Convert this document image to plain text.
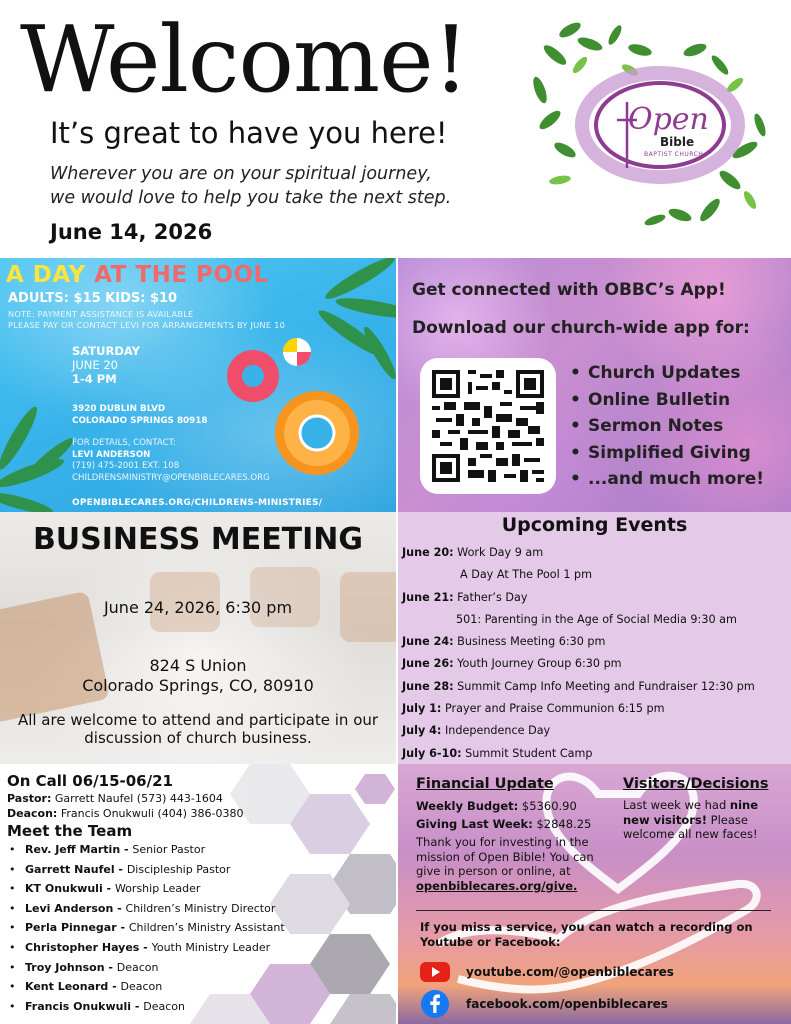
Welcome!
It’s great to have you here!
Wherever you are on your spiritual journey,
we would love to help you take the next step.
June 14, 2026
Open
Bible
BAPTIST CHURCH
A DAY AT THE POOL
ADULTS: $15 KIDS: $10
NOTE: PAYMENT ASSISTANCE IS AVAILABLE
PLEASE PAY OR CONTACT LEVI FOR ARRANGEMENTS BY JUNE 10
SATURDAY
JUNE 20
1-4 PM
3920 DUBLIN BLVD
COLORADO SPRINGS 80918
FOR DETAILS, CONTACT:
LEVI ANDERSON
(719) 475-2001 EXT. 108
CHILDRENSMINISTRY@OPENBIBLECARES.ORG
OPENBIBLECARES.ORG/CHILDRENS-MINISTRIES/
Get connected with OBBC’s App!
Download our church-wide app for:
• Church Updates
• Online Bulletin
• Sermon Notes
• Simplified Giving
• ...and much more!
BUSINESS MEETING
June 24, 2026, 6:30 pm
824 S Union
Colorado Springs, CO, 80910
All are welcome to attend and participate in our discussion of church business.
Upcoming Events
June 20: Work Day 9 am
A Day At The Pool 1 pm
June 21: Father’s Day
501: Parenting in the Age of Social Media 9:30 am
June 24: Business Meeting 6:30 pm
June 26: Youth Journey Group 6:30 pm
June 28: Summit Camp Info Meeting and Fundraiser 12:30 pm
July 1: Prayer and Praise Communion 6:15 pm
July 4: Independence Day
July 6-10: Summit Student Camp
On Call 06/15-06/21
Pastor: Garrett Naufel (573) 443-1604
Deacon: Francis Onukwuli (404) 386-0380
Meet the Team
• Rev. Jeff Martin - Senior Pastor
• Garrett Naufel - Discipleship Pastor
• KT Onukwuli - Worship Leader
• Levi Anderson - Children’s Ministry Director
• Perla Pinnegar - Children’s Ministry Assistant
• Christopher Hayes - Youth Ministry Leader
• Troy Johnson - Deacon
• Kent Leonard - Deacon
• Francis Onukwuli - Deacon
Financial Update
Weekly Budget: $5360.90
Giving Last Week: $2848.25
Thank you for investing in the mission of Open Bible! You can give in person or online, at openbiblecares.org/give.
Visitors/Decisions
Last week we had nine new visitors! Please welcome all new faces!
If you miss a service, you can watch a recording on Youtube or Facebook:
youtube.com/@openbiblecares
facebook.com/openbiblecares
